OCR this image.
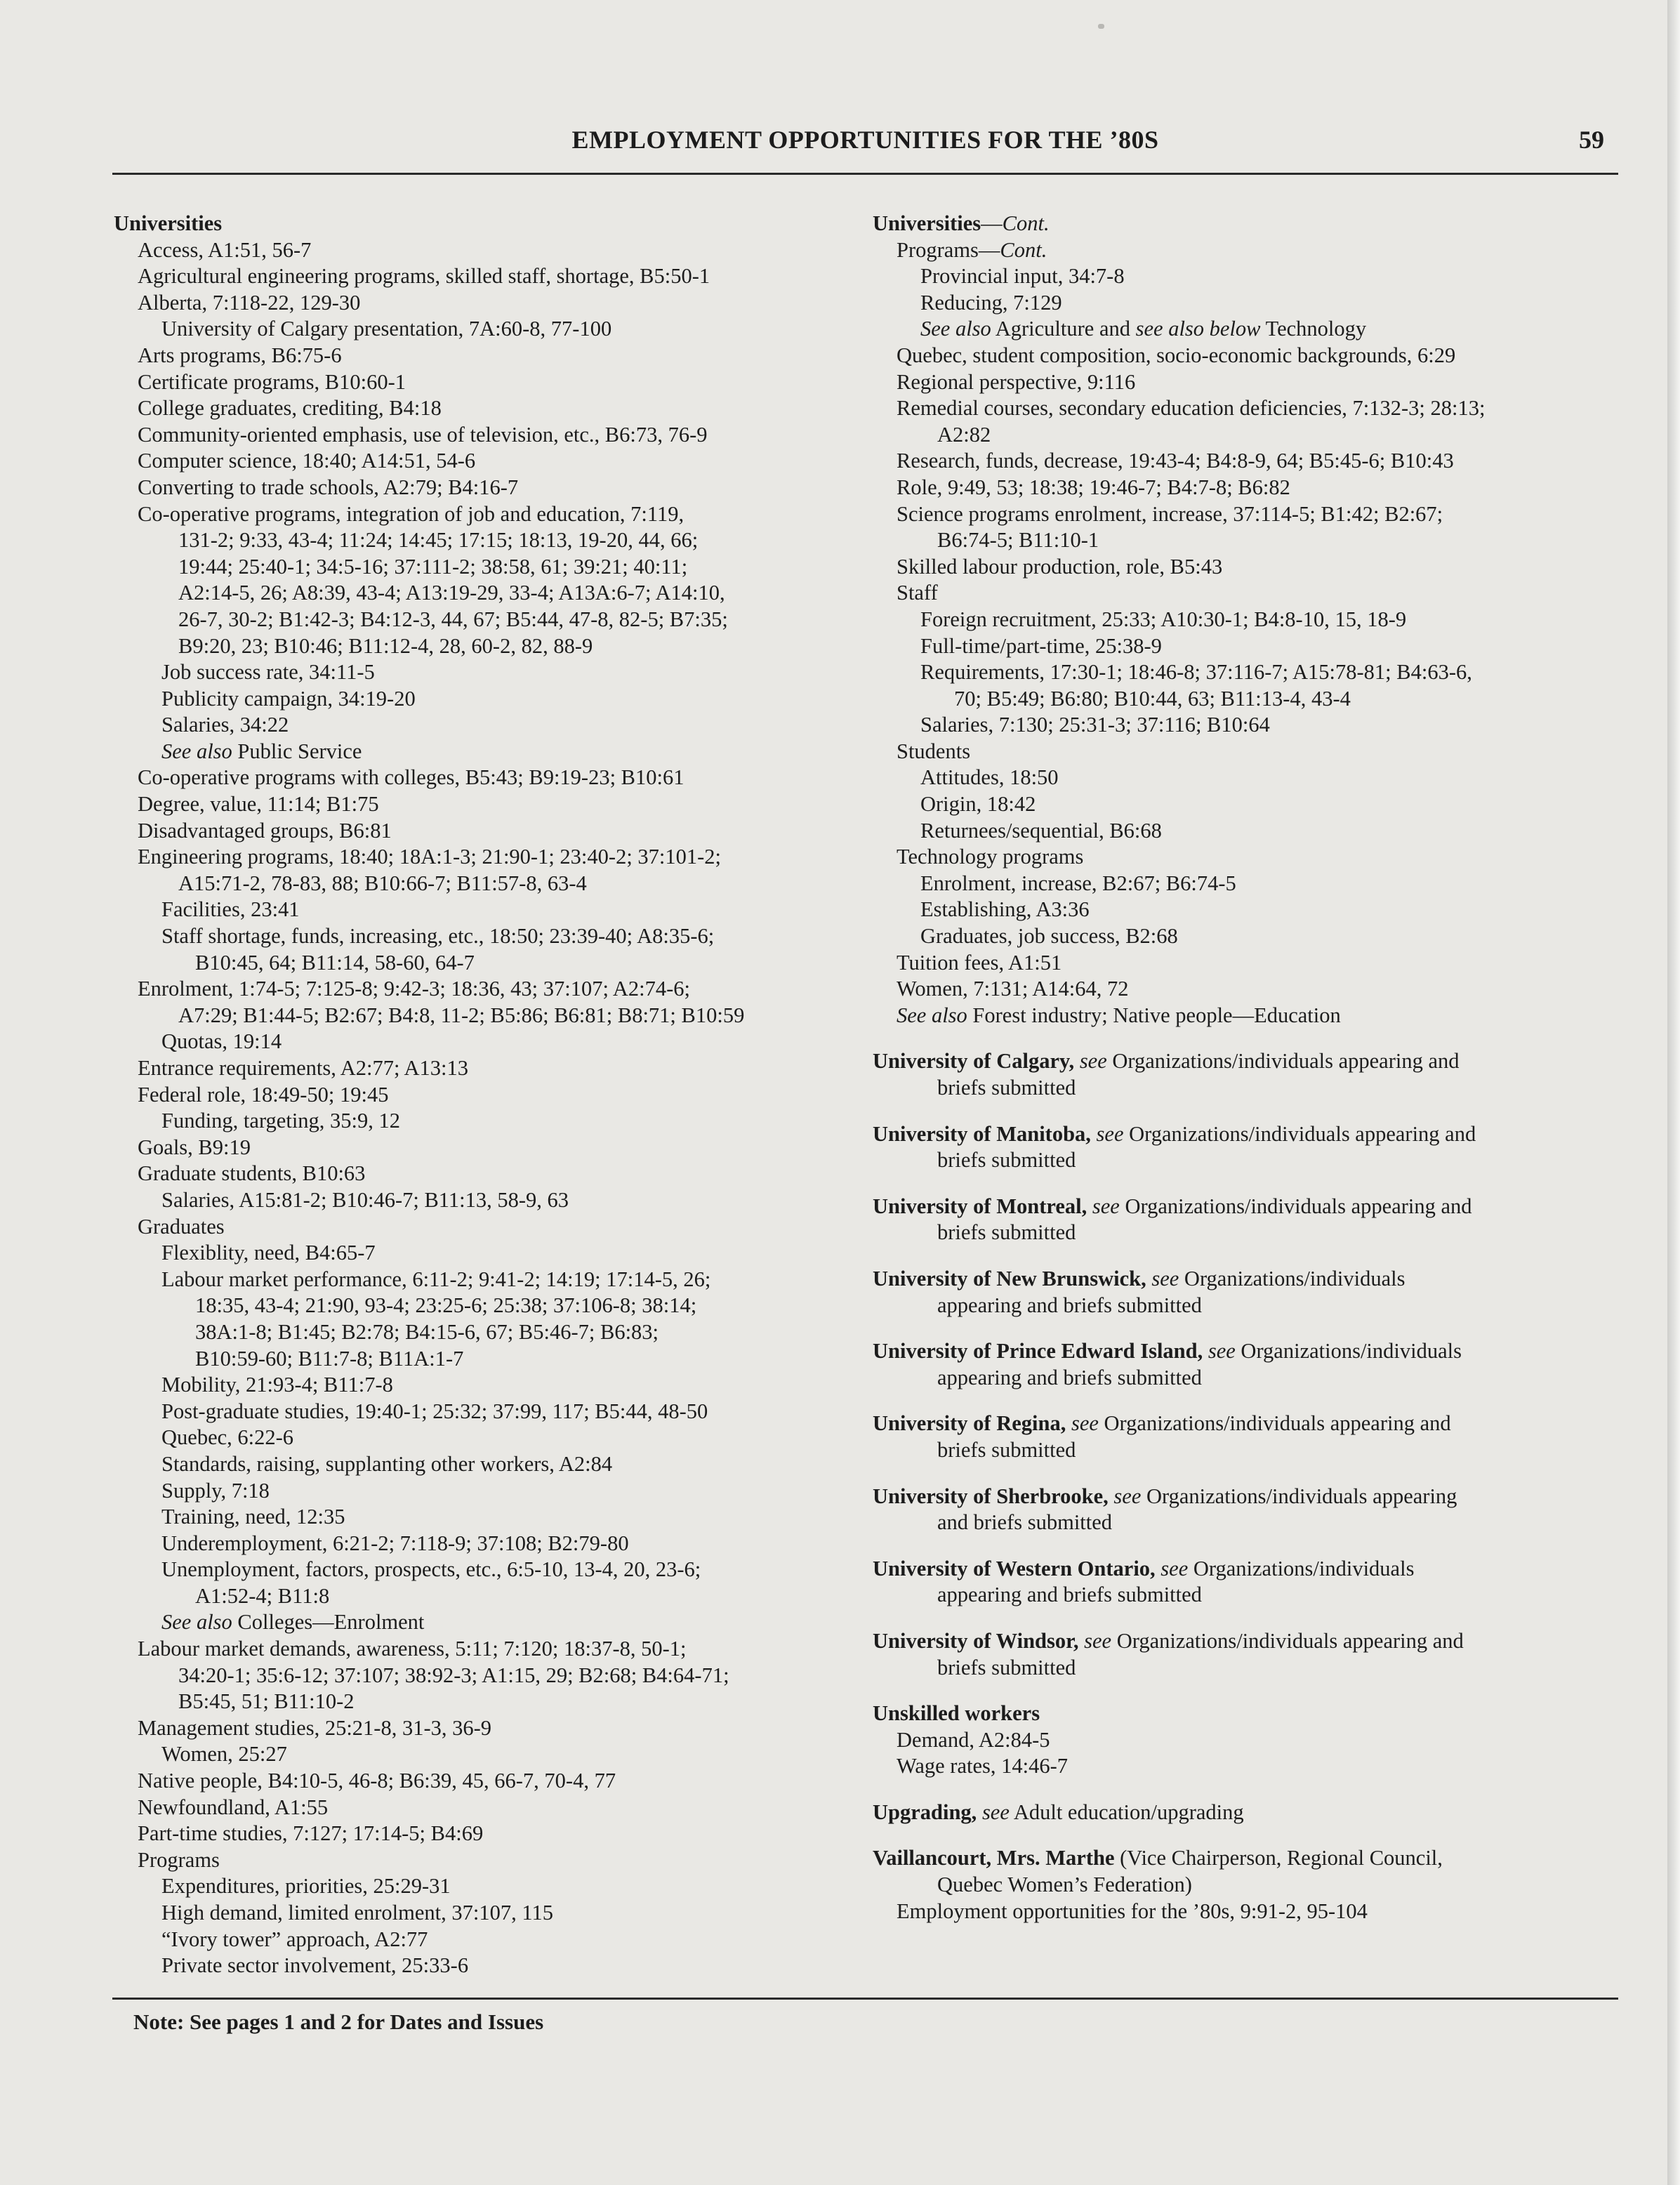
EMPLOYMENT OPPORTUNITIES FOR THE ’80S	59
Universities
Access, A1:51, 56-7
Agricultural engineering programs, skilled staff, shortage, B5:50-1
Alberta, 7:118-22, 129-30
University of Calgary presentation, 7A:60-8, 77-100
Arts programs, B6:75-6
Certificate programs, B10:60-1
College graduates, crediting, B4:18
Community-oriented emphasis, use of television, etc., B6:73, 76-9
Computer science, 18:40; A14:51, 54-6
Converting to trade schools, A2:79; B4:16-7
Co-operative programs, integration of job and education, 7:119,
131-2; 9:33, 43-4; 11:24; 14:45; 17:15; 18:13, 19-20, 44, 66;
19:44; 25:40-1; 34:5-16; 37:111-2; 38:58, 61; 39:21; 40:11;
A2:14-5, 26; A8:39, 43-4; A13:19-29, 33-4; A13A:6-7; A14:10,
26-7, 30-2; B1:42-3; B4:12-3, 44, 67; B5:44, 47-8, 82-5; B7:35;
B9:20, 23; B10:46; B11:12-4, 28, 60-2, 82, 88-9
Job success rate, 34:11-5
Publicity campaign, 34:19-20
Salaries, 34:22
See also Public Service
Co-operative programs with colleges, B5:43; B9:19-23; B10:61
Degree, value, 11:14; B1:75
Disadvantaged groups, B6:81
Engineering programs, 18:40; 18A:1-3; 21:90-1; 23:40-2; 37:101-2;
A15:71-2, 78-83, 88; B10:66-7; B11:57-8, 63-4
Facilities, 23:41
Staff shortage, funds, increasing, etc., 18:50; 23:39-40; A8:35-6;
B10:45, 64; B11:14, 58-60, 64-7
Enrolment, 1:74-5; 7:125-8; 9:42-3; 18:36, 43; 37:107; A2:74-6;
A7:29; B1:44-5; B2:67; B4:8, 11-2; B5:86; B6:81; B8:71; B10:59
Quotas, 19:14
Entrance requirements, A2:77; A13:13
Federal role, 18:49-50; 19:45
Funding, targeting, 35:9, 12
Goals, B9:19
Graduate students, B10:63
Salaries, A15:81-2; B10:46-7; B11:13, 58-9, 63
Graduates
Flexiblity, need, B4:65-7
Labour market performance, 6:11-2; 9:41-2; 14:19; 17:14-5, 26;
18:35, 43-4; 21:90, 93-4; 23:25-6; 25:38; 37:106-8; 38:14;
38A:1-8; B1:45; B2:78; B4:15-6, 67; B5:46-7; B6:83;
B10:59-60; B11:7-8; B11A:1-7
Mobility, 21:93-4; B11:7-8
Post-graduate studies, 19:40-1; 25:32; 37:99, 117; B5:44, 48-50
Quebec, 6:22-6
Standards, raising, supplanting other workers, A2:84
Supply, 7:18
Training, need, 12:35
Underemployment, 6:21-2; 7:118-9; 37:108; B2:79-80
Unemployment, factors, prospects, etc., 6:5-10, 13-4, 20, 23-6;
A1:52-4; B11:8
See also Colleges—Enrolment
Labour market demands, awareness, 5:11; 7:120; 18:37-8, 50-1;
34:20-1; 35:6-12; 37:107; 38:92-3; A1:15, 29; B2:68; B4:64-71;
B5:45, 51; B11:10-2
Management studies, 25:21-8, 31-3, 36-9
Women, 25:27
Native people, B4:10-5, 46-8; B6:39, 45, 66-7, 70-4, 77
Newfoundland, A1:55
Part-time studies, 7:127; 17:14-5; B4:69
Programs
Expenditures, priorities, 25:29-31
High demand, limited enrolment, 37:107, 115
“Ivory tower” approach, A2:77
Private sector involvement, 25:33-6
Universities—Cont.
Programs—Cont.
Provincial input, 34:7-8
Reducing, 7:129
See also Agriculture and see also below Technology
Quebec, student composition, socio-economic backgrounds, 6:29
Regional perspective, 9:116
Remedial courses, secondary education deficiencies, 7:132-3; 28:13;
A2:82
Research, funds, decrease, 19:43-4; B4:8-9, 64; B5:45-6; B10:43
Role, 9:49, 53; 18:38; 19:46-7; B4:7-8; B6:82
Science programs enrolment, increase, 37:114-5; B1:42; B2:67;
B6:74-5; B11:10-1
Skilled labour production, role, B5:43
Staff
Foreign recruitment, 25:33; A10:30-1; B4:8-10, 15, 18-9
Full-time/part-time, 25:38-9
Requirements, 17:30-1; 18:46-8; 37:116-7; A15:78-81; B4:63-6,
70; B5:49; B6:80; B10:44, 63; B11:13-4, 43-4
Salaries, 7:130; 25:31-3; 37:116; B10:64
Students
Attitudes, 18:50
Origin, 18:42
Returnees/sequential, B6:68
Technology programs
Enrolment, increase, B2:67; B6:74-5
Establishing, A3:36
Graduates, job success, B2:68
Tuition fees, A1:51
Women, 7:131; A14:64, 72
See also Forest industry; Native people—Education
University of Calgary, see Organizations/individuals appearing and
briefs submitted
University of Manitoba, see Organizations/individuals appearing and
briefs submitted
University of Montreal, see Organizations/individuals appearing and
briefs submitted
University of New Brunswick, see Organizations/individuals
appearing and briefs submitted
University of Prince Edward Island, see Organizations/individuals
appearing and briefs submitted
University of Regina, see Organizations/individuals appearing and
briefs submitted
University of Sherbrooke, see Organizations/individuals appearing
and briefs submitted
University of Western Ontario, see Organizations/individuals
appearing and briefs submitted
University of Windsor, see Organizations/individuals appearing and
briefs submitted
Unskilled workers
Demand, A2:84-5
Wage rates, 14:46-7
Upgrading, see Adult education/upgrading
Vaillancourt, Mrs. Marthe (Vice Chairperson, Regional Council,
Quebec Women’s Federation)
Employment opportunities for the ’80s, 9:91-2, 95-104
Note: See pages 1 and 2 for Dates and Issues
